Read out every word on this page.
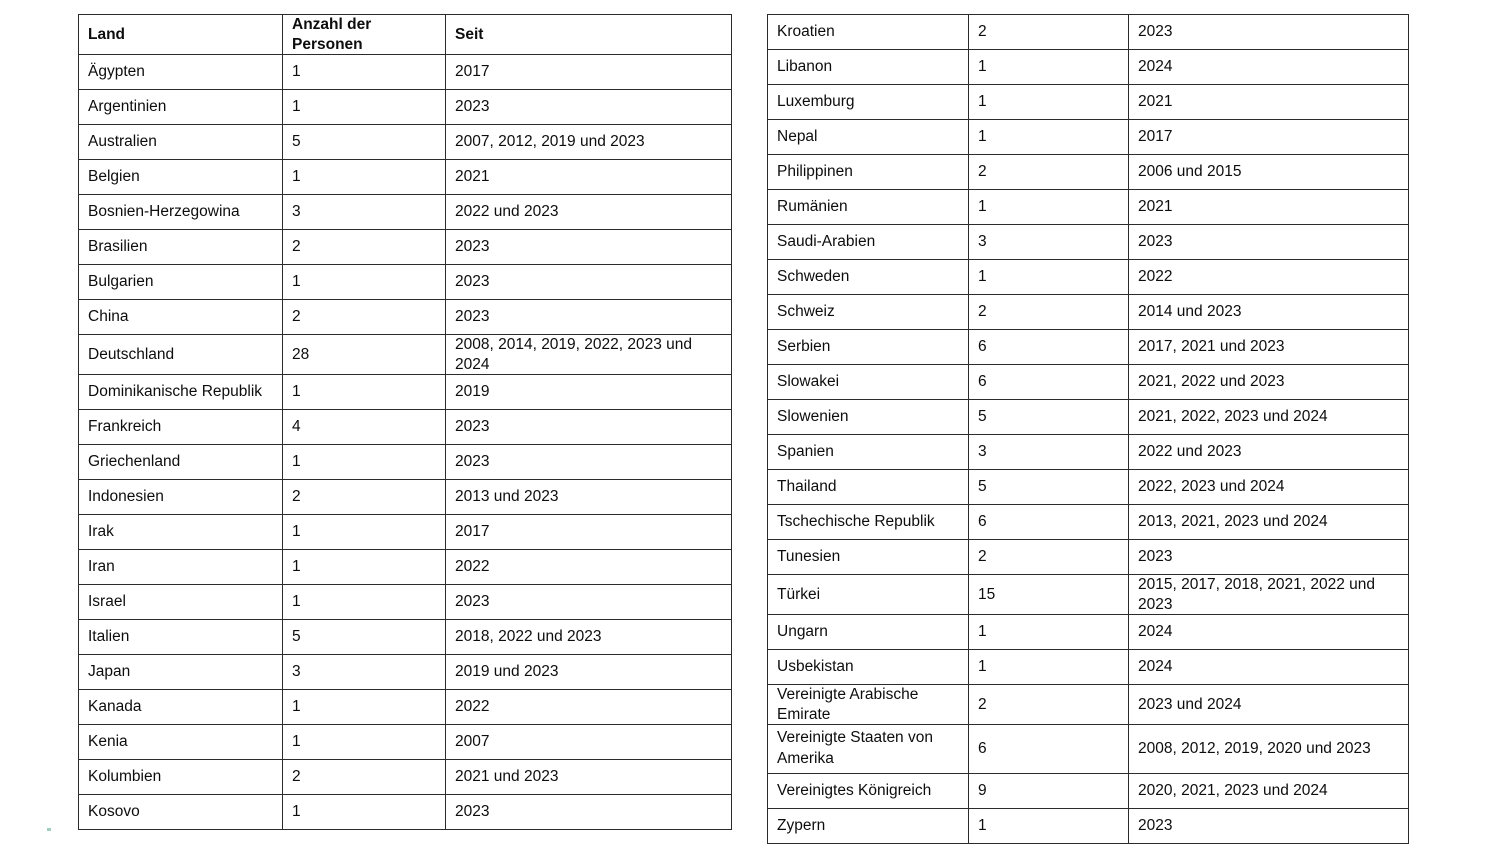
Land	Anzahl der Personen	Seit
Ägypten	1	2017
Argentinien	1	2023
Australien	5	2007, 2012, 2019 und 2023
Belgien	1	2021
Bosnien-Herzegowina	3	2022 und 2023
Brasilien	2	2023
Bulgarien	1	2023
China	2	2023
Deutschland	28	2008, 2014, 2019, 2022, 2023 und 2024
Dominikanische Republik	1	2019
Frankreich	4	2023
Griechenland	1	2023
Indonesien	2	2013 und 2023
Irak	1	2017
Iran	1	2022
Israel	1	2023
Italien	5	2018, 2022 und 2023
Japan	3	2019 und 2023
Kanada	1	2022
Kenia	1	2007
Kolumbien	2	2021 und 2023
Kosovo	1	2023
Kroatien	2	2023
Libanon	1	2024
Luxemburg	1	2021
Nepal	1	2017
Philippinen	2	2006 und 2015
Rumänien	1	2021
Saudi-Arabien	3	2023
Schweden	1	2022
Schweiz	2	2014 und 2023
Serbien	6	2017, 2021 und 2023
Slowakei	6	2021, 2022 und 2023
Slowenien	5	2021, 2022, 2023 und 2024
Spanien	3	2022 und 2023
Thailand	5	2022, 2023 und 2024
Tschechische Republik	6	2013, 2021, 2023 und 2024
Tunesien	2	2023
Türkei	15	2015, 2017, 2018, 2021, 2022 und 2023
Ungarn	1	2024
Usbekistan	1	2024
Vereinigte Arabische Emirate	2	2023 und 2024
Vereinigte Staaten von Amerika	6	2008, 2012, 2019, 2020 und 2023
Vereinigtes Königreich	9	2020, 2021, 2023 und 2024
Zypern	1	2023
